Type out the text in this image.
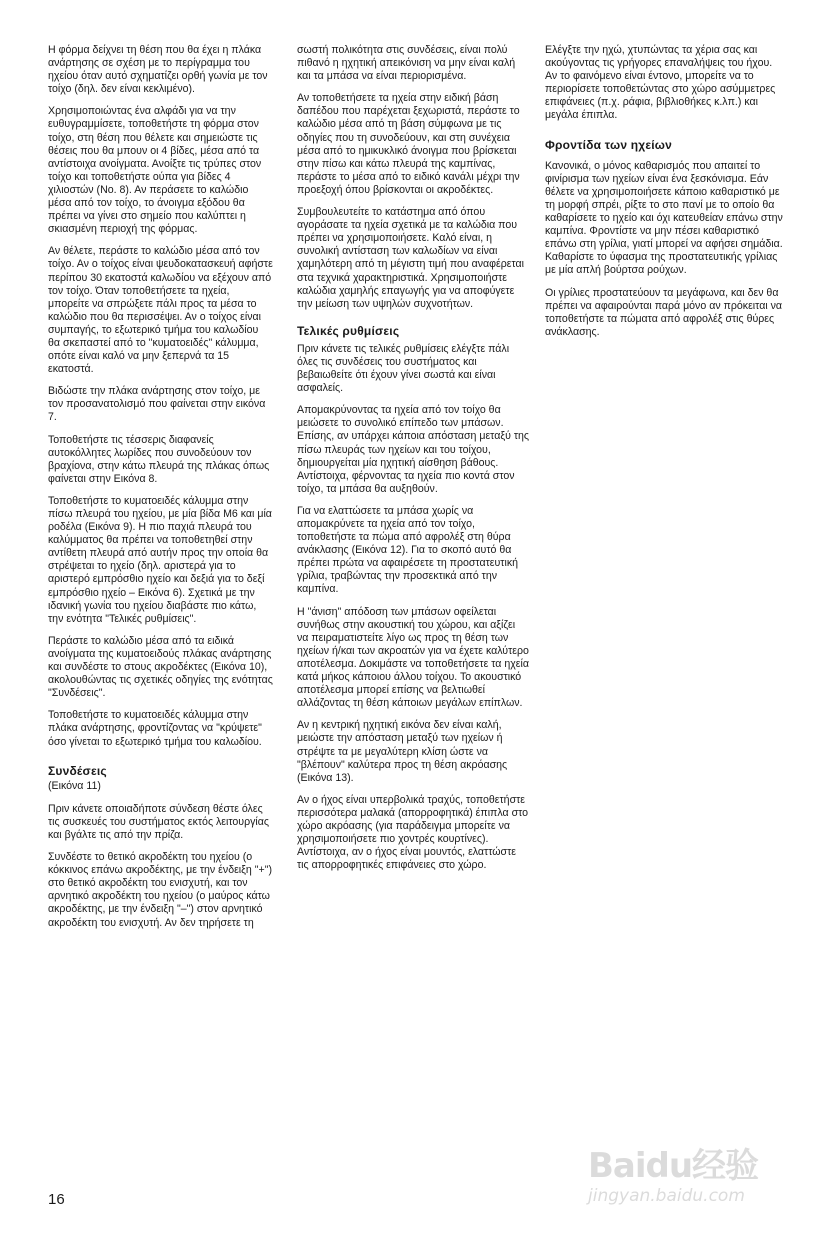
Η φόρμα δείχνει τη θέση που θα έχει η πλάκα ανάρτησης σε σχέση με το περίγραμμα του ηχείου όταν αυτό σχηματίζει ορθή γωνία με τον τοίχο (δηλ. δεν είναι κεκλιμένο).

Χρησιμοποιώντας ένα αλφάδι για να την ευθυγραμμίσετε, τοποθετήστε τη φόρμα στον τοίχο, στη θέση που θέλετε και σημειώστε τις θέσεις που θα μπουν οι 4 βίδες, μέσα από τα αντίστοιχα ανοίγματα. Ανοίξτε τις τρύπες στον τοίχο και τοποθετήστε ούπα για βίδες 4 χιλιοστών (Νο. 8). Αν περάσετε το καλώδιο μέσα από τον τοίχο, το άνοιγμα εξόδου θα πρέπει να γίνει στο σημείο που καλύπτει η σκιασμένη περιοχή της φόρμας.

Αν θέλετε, περάστε το καλώδιο μέσα από τον τοίχο. Αν ο τοίχος είναι ψευδοκατασκευή αφήστε περίπου 30 εκατοστά καλωδίου να εξέχουν από τον τοίχο. Όταν τοποθετήσετε τα ηχεία, μπορείτε να σπρώξετε πάλι προς τα μέσα το καλώδιο που θα περισσέψει. Αν ο τοίχος είναι συμπαγής, το εξωτερικό τμήμα του καλωδίου θα σκεπαστεί από το "κυματοειδές" κάλυμμα, οπότε είναι καλό να μην ξεπερνά τα 15 εκατοστά.

Βιδώστε την πλάκα ανάρτησης στον τοίχο, με τον προσανατολισμό που φαίνεται στην εικόνα 7.

Τοποθετήστε τις τέσσερις διαφανείς αυτοκόλλητες λωρίδες που συνοδεύουν τον βραχίονα, στην κάτω πλευρά της πλάκας όπως φαίνεται στην Εικόνα 8.

Τοποθετήστε το κυματοειδές κάλυμμα στην πίσω πλευρά του ηχείου, με μία βίδα Μ6 και μία ροδέλα (Εικόνα 9). Η πιο παχιά πλευρά του καλύμματος θα πρέπει να τοποθετηθεί στην αντίθετη πλευρά από αυτήν προς την οποία θα στρέψεται το ηχείο (δηλ. αριστερά για το αριστερό εμπρόσθιο ηχείο και δεξιά για το δεξί εμπρόσθιο ηχείο – Εικόνα 6). Σχετικά με την ιδανική γωνία του ηχείου διαβάστε πιο κάτω, την ενότητα "Τελικές ρυθμίσεις".

Περάστε το καλώδιο μέσα από τα ειδικά ανοίγματα της κυματοειδούς πλάκας ανάρτησης και συνδέστε το στους ακροδέκτες (Εικόνα 10), ακολουθώντας τις σχετικές οδηγίες της ενότητας "Συνδέσεις".

Τοποθετήστε το κυματοειδές κάλυμμα στην πλάκα ανάρτησης, φροντίζοντας να "κρύψετε" όσο γίνεται το εξωτερικό τμήμα του καλωδίου.

Συνδέσεις
(Εικόνα 11)

Πριν κάνετε οποιαδήποτε σύνδεση θέστε όλες τις συσκευές του συστήματος εκτός λειτουργίας και βγάλτε τις από την πρίζα.

Συνδέστε το θετικό ακροδέκτη του ηχείου (ο κόκκινος επάνω ακροδέκτης, με την ένδειξη "+") στο θετικό ακροδέκτη του ενισχυτή, και τον αρνητικό ακροδέκτη του ηχείου (ο μαύρος κάτω ακροδέκτης, με την ένδειξη "–") στον αρνητικό ακροδέκτη του ενισχυτή. Αν δεν τηρήσετε τη

σωστή πολικότητα στις συνδέσεις, είναι πολύ πιθανό η ηχητική απεικόνιση να μην είναι καλή και τα μπάσα να είναι περιορισμένα.

Αν τοποθετήσετε τα ηχεία στην ειδική βάση δαπέδου που παρέχεται ξεχωριστά, περάστε το καλώδιο μέσα από τη βάση σύμφωνα με τις οδηγίες που τη συνοδεύουν, και στη συνέχεια μέσα από το ημικυκλικό άνοιγμα που βρίσκεται στην πίσω και κάτω πλευρά της καμπίνας, περάστε το μέσα από το ειδικό κανάλι μέχρι την προεξοχή όπου βρίσκονται οι ακροδέκτες.

Συμβουλευτείτε το κατάστημα από όπου αγοράσατε τα ηχεία σχετικά με τα καλώδια που πρέπει να χρησιμοποιήσετε. Καλό είναι, η συνολική αντίσταση των καλωδίων να είναι χαμηλότερη από τη μέγιστη τιμή που αναφέρεται στα τεχνικά χαρακτηριστικά. Χρησιμοποιήστε καλώδια χαμηλής επαγωγής για να αποφύγετε την μείωση των υψηλών συχνοτήτων.

Τελικές ρυθμίσεις

Πριν κάνετε τις τελικές ρυθμίσεις ελέγξτε πάλι όλες τις συνδέσεις του συστήματος και βεβαιωθείτε ότι έχουν γίνει σωστά και είναι ασφαλείς.

Απομακρύνοντας τα ηχεία από τον τοίχο θα μειώσετε το συνολικό επίπεδο των μπάσων. Επίσης, αν υπάρχει κάποια απόσταση μεταξύ της πίσω πλευράς των ηχείων και του τοίχου, δημιουργείται μία ηχητική αίσθηση βάθους. Αντίστοιχα, φέρνοντας τα ηχεία πιο κοντά στον τοίχο, τα μπάσα θα αυξηθούν.

Για να ελαττώσετε τα μπάσα χωρίς να απομακρύνετε τα ηχεία από τον τοίχο, τοποθετήστε τα πώμα από αφρολέξ στη θύρα ανάκλασης (Εικόνα 12). Για το σκοπό αυτό θα πρέπει πρώτα να αφαιρέσετε τη προστατευτική γρίλια, τραβώντας την προσεκτικά από την καμπίνα.

Η "άνιση" απόδοση των μπάσων οφείλεται συνήθως στην ακουστική του χώρου, και αξίζει να πειραματιστείτε λίγο ως προς τη θέση των ηχείων ή/και των ακροατών για να έχετε καλύτερο αποτέλεσμα. Δοκιμάστε να τοποθετήσετε τα ηχεία κατά μήκος κάποιου άλλου τοίχου. Το ακουστικό αποτέλεσμα μπορεί επίσης να βελτιωθεί αλλάζοντας τη θέση κάποιων μεγάλων επίπλων.

Αν η κεντρική ηχητική εικόνα δεν είναι καλή, μειώστε την απόσταση μεταξύ των ηχείων ή στρέψτε τα με μεγαλύτερη κλίση ώστε να "βλέπουν" καλύτερα προς τη θέση ακρόασης (Εικόνα 13).

Αν ο ήχος είναι υπερβολικά τραχύς, τοποθετήστε περισσότερα μαλακά (απορροφητικά) έπιπλα στο χώρο ακρόασης (για παράδειγμα μπορείτε να χρησιμοποιήσετε πιο χοντρές κουρτίνες). Αντίστοιχα, αν ο ήχος είναι μουντός, ελαττώστε τις απορροφητικές επιφάνειες στο χώρο.

Ελέγξτε την ηχώ, χτυπώντας τα χέρια σας και ακούγοντας τις γρήγορες επαναλήψεις του ήχου. Αν το φαινόμενο είναι έντονο, μπορείτε να το περιορίσετε τοποθετώντας στο χώρο ασύμμετρες επιφάνειες (π.χ. ράφια, βιβλιοθήκες κ.λπ.) και μεγάλα έπιπλα.

Φροντίδα των ηχείων

Κανονικά, ο μόνος καθαρισμός που απαιτεί το φινίρισμα των ηχείων είναι ένα ξεσκόνισμα. Εάν θέλετε να χρησιμοποιήσετε κάποιο καθαριστικό με τη μορφή σπρέι, ρίξτε το στο πανί με το οποίο θα καθαρίσετε το ηχείο και όχι κατευθείαν επάνω στην καμπίνα. Φροντίστε να μην πέσει καθαριστικό επάνω στη γρίλια, γιατί μπορεί να αφήσει σημάδια. Καθαρίστε το ύφασμα της προστατευτικής γρίλιας με μία απλή βούρτσα ρούχων.

Οι γρίλιες προστατεύουν τα μεγάφωνα, και δεν θα πρέπει να αφαιρούνται παρά μόνο αν πρόκειται να τοποθετήστε τα πώματα από αφρολέξ στις θύρες ανάκλασης.

16
Baidu经验
jingyan.baidu.com
